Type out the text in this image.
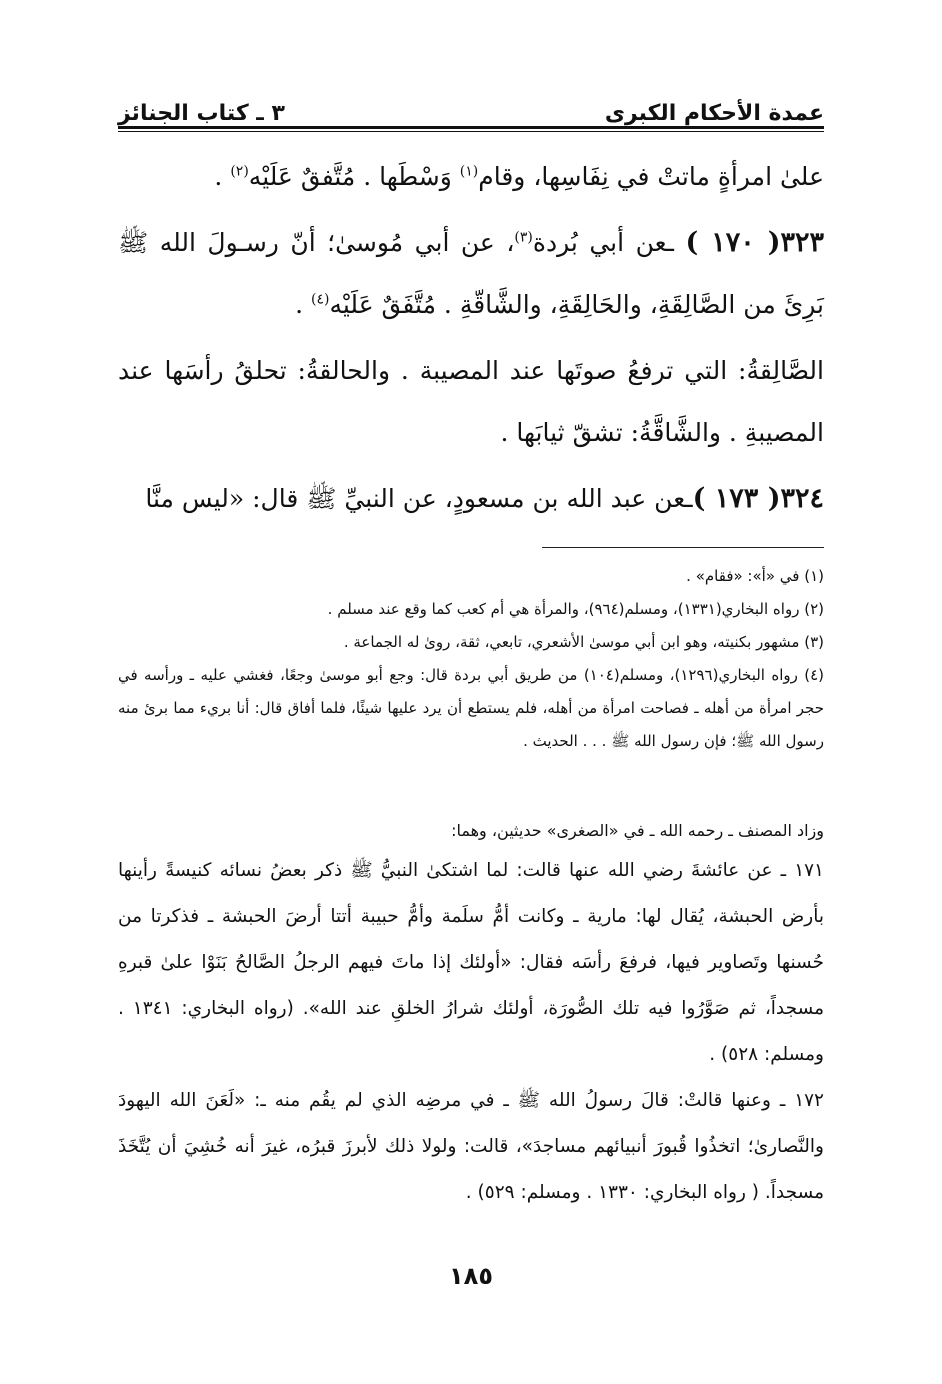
عمدة الأحكام الكبرى
٣ ـ كتاب الجنائز

علىٰ امرأةٍ ماتتْ في نِفَاسِها، وقام$^{(١)}$ وَسْطَها . مُتَّفقٌ عَلَيْه$^{(٢)}$ .

٣٢٣( ١٧٠ ) ـعن أبي بُردة$^{(٣)}$، عن أبي مُوسىٰ؛ أنّ رسـولَ الله ﷺ بَرِئَ من الصَّالِقَةِ، والحَالِقَةِ، والشَّاقّةِ . مُتَّفَقٌ عَلَيْه$^{(٤)}$ .

الصَّالِقةُ: التي ترفعُ صوتَها عند المصيبة . والحالقةُ: تحلقُ رأسَها عند المصيبةِ . والشَّاقَّةُ: تشقّ ثيابَها .

٣٢٤( ١٧٣ )ـعن عبد الله بن مسعودٍ، عن النبيِّ ﷺ قال: «ليس منَّا

(١) في «أ»: «فقام» .

(٢) رواه البخاري(١٣٣١)، ومسلم(٩٦٤)، والمرأة هي أم كعب كما وقع عند مسلم .

(٣) مشهور بكنيته، وهو ابن أبي موسىٰ الأشعري، تابعي، ثقة، روىٰ له الجماعة .

(٤) رواه البخاري(١٢٩٦)، ومسلم(١٠٤) من طريق أبي بردة قال: وجع أبو موسىٰ وجعًا، فغشي عليه ـ ورأسه في حجر امرأة من أهله ـ فصاحت امرأة من أهله، فلم يستطع أن يرد عليها شيئًا، فلما أفاق قال: أنا بريء مما برئ منه رسول الله ﷺ؛ فإن رسول الله ﷺ . . . الحديث .

وزاد المصنف ـ رحمه الله ـ في «الصغرى» حديثين، وهما:

١٧١ ـ عن عائشةَ رضي الله عنها قالت: لما اشتكىٰ النبيُّ ﷺ ذكر بعضُ نسائه كنيسةً رأينها بأرض الحبشة، يُقال لها: مارية ـ وكانت أمُّ سلَمة وأمُّ حبيبة أتتا أرضَ الحبشة ـ فذكرتا من حُسنها وتَصاوير فيها، فرفعَ رأسَه فقال: «أولئك إذا ماتَ فيهم الرجلُ الصَّالحُ بَنَوْا علىٰ قبرهِ مسجداً، ثم صَوَّرُوا فيه تلك الصُّورَة، أولئك شرارُ الخلقِ عند الله». (رواه البخاري: ١٣٤١ . ومسلم: ٥٢٨) .

١٧٢ ـ وعنها قالتْ: قالَ رسولُ الله ﷺ ـ في مرضِه الذي لم يقُم منه ـ: «لَعَنَ الله اليهودَ والنَّصارىٰ؛ اتخذُوا قُبورَ أنبيائهم مساجدَ»، قالت: ولولا ذلك لأبرزَ قبرُه، غيرَ أنه خُشِيَ أن يُتَّخَذَ مسجداً. ( رواه البخاري: ١٣٣٠ . ومسلم: ٥٢٩) .

١٨٥
